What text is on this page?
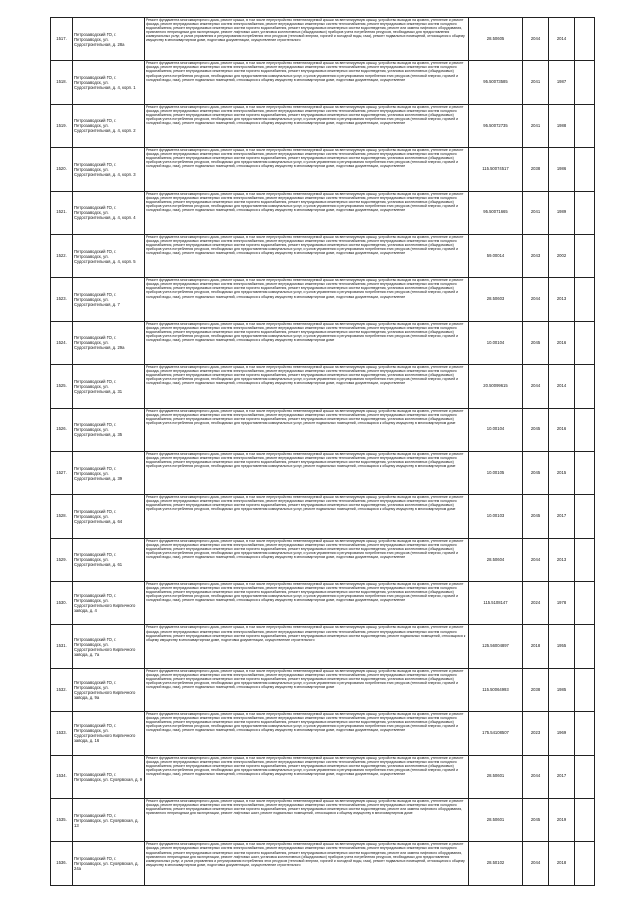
1517.	Петрозаводский ГО, г. Петрозаводск, ул. Судостроительная, д. 28а	Ремонт фундамента многоквартирного дома, ремонт крыши, в том числе переустройство невентилируемой крыши на вентилируемую крышу, устройство выходов на кровлю, утепление и ремонт фасада, ремонт внутридомовых инженерных систем электроснабжения, ремонт внутридомовых инженерных систем теплоснабжения, ремонт внутридомовых инженерных систем холодного водоснабжения, ремонт внутридомовых инженерных систем горячего водоснабжения, ремонт внутридомовых инженерных систем водоотведения, ремонт или замена лифтового оборудования, признанного непригодным для эксплуатации, ремонт лифтовых шахт, установка коллективных (общедомовых) приборов учета потребления ресурсов, необходимых для предоставления коммунальных услуг, и узлов управления и регулирования потребления этих ресурсов (тепловой энергии, горячей и холодной воды, газа), ремонт подвальных помещений, относящихся к общему имуществу в многоквартирном доме, подготовка документации, осуществление строительного	28.50605	2044	2014	
1518.	Петрозаводский ГО, г. Петрозаводск, ул. Судостроительная, д. 4, корп. 1	Ремонт фундамента многоквартирного дома, ремонт крыши, в том числе переустройство невентилируемой крыши на вентилируемую крышу, устройство выходов на кровлю, утепление и ремонт фасада, ремонт внутридомовых инженерных систем электроснабжения, ремонт внутридомовых инженерных систем теплоснабжения, ремонт внутридомовых инженерных систем холодного водоснабжения, ремонт внутридомовых инженерных систем горячего водоснабжения, ремонт внутридомовых инженерных систем водоотведения, установка коллективных (общедомовых) приборов учета потребления ресурсов, необходимых для предоставления коммунальных услуг, и узлов управления и регулирования потребления этих ресурсов (тепловой энергии, горячей и холодной воды, газа), ремонт подвальных помещений, относящихся к общему имуществу в многоквартирном доме, подготовка документации, осуществление	95.50073585	2041	1987	
1519.	Петрозаводский ГО, г. Петрозаводск, ул. Судостроительная, д. 4, корп. 2	Ремонт фундамента многоквартирного дома, ремонт крыши, в том числе переустройство невентилируемой крыши на вентилируемую крышу, устройство выходов на кровлю, утепление и ремонт фасада, ремонт внутридомовых инженерных систем электроснабжения, ремонт внутридомовых инженерных систем теплоснабжения, ремонт внутридомовых инженерных систем холодного водоснабжения, ремонт внутридомовых инженерных систем горячего водоснабжения, ремонт внутридомовых инженерных систем водоотведения, установка коллективных (общедомовых) приборов учета потребления ресурсов, необходимых для предоставления коммунальных услуг, и узлов управления и регулирования потребления этих ресурсов (тепловой энергии, горячей и холодной воды, газа), ремонт подвальных помещений, относящихся к общему имуществу в многоквартирном доме, подготовка документации, осуществление	95.50072735	2041	1988	
1520.	Петрозаводский ГО, г. Петрозаводск, ул. Судостроительная, д. 4, корп. 3	Ремонт фундамента многоквартирного дома, ремонт крыши, в том числе переустройство невентилируемой крыши на вентилируемую крышу, устройство выходов на кровлю, утепление и ремонт фасада, ремонт внутридомовых инженерных систем электроснабжения, ремонт внутридомовых инженерных систем теплоснабжения, ремонт внутридомовых инженерных систем холодного водоснабжения, ремонт внутридомовых инженерных систем горячего водоснабжения, ремонт внутридомовых инженерных систем водоотведения, установка коллективных (общедомовых) приборов учета потребления ресурсов, необходимых для предоставления коммунальных услуг, и узлов управления и регулирования потребления этих ресурсов (тепловой энергии, горячей и холодной воды, газа), ремонт подвальных помещений, относящихся к общему имуществу в многоквартирном доме, подготовка документации, осуществление	115.50074517	2038	1986	
1521.	Петрозаводский ГО, г. Петрозаводск, ул. Судостроительная, д. 4, корп. 4	Ремонт фундамента многоквартирного дома, ремонт крыши, в том числе переустройство невентилируемой крыши на вентилируемую крышу, устройство выходов на кровлю, утепление и ремонт фасада, ремонт внутридомовых инженерных систем электроснабжения, ремонт внутридомовых инженерных систем теплоснабжения, ремонт внутридомовых инженерных систем холодного водоснабжения, ремонт внутридомовых инженерных систем горячего водоснабжения, ремонт внутридомовых инженерных систем водоотведения, установка коллективных (общедомовых) приборов учета потребления ресурсов, необходимых для предоставления коммунальных услуг, и узлов управления и регулирования потребления этих ресурсов (тепловой энергии, горячей и холодной воды, газа), ремонт подвальных помещений, относящихся к общему имуществу в многоквартирном доме, подготовка документации, осуществление	95.50071665	2041	1989	
1522.	Петрозаводский ГО, г. Петрозаводск, ул. Судостроительная, д. 4, корп. 5	Ремонт фундамента многоквартирного дома, ремонт крыши, в том числе переустройство невентилируемой крыши на вентилируемую крышу, устройство выходов на кровлю, утепление и ремонт фасада, ремонт внутридомовых инженерных систем электроснабжения, ремонт внутридомовых инженерных систем теплоснабжения, ремонт внутридомовых инженерных систем холодного водоснабжения, ремонт внутридомовых инженерных систем горячего водоснабжения, ремонт внутридомовых инженерных систем водоотведения, установка коллективных (общедомовых) приборов учета потребления ресурсов, необходимых для предоставления коммунальных услуг, и узлов управления и регулирования потребления этих ресурсов (тепловой энергии, горячей и холодной воды, газа), ремонт подвальных помещений, относящихся к общему имуществу в многоквартирном доме, подготовка документации, осуществление	59.00014	2043	2002	
1523.	Петрозаводский ГО, г. Петрозаводск, ул. Судостроительная, д. 7	Ремонт фундамента многоквартирного дома, ремонт крыши, в том числе переустройство невентилируемой крыши на вентилируемую крышу, устройство выходов на кровлю, утепление и ремонт фасада, ремонт внутридомовых инженерных систем электроснабжения, ремонт внутридомовых инженерных систем теплоснабжения, ремонт внутридомовых инженерных систем холодного водоснабжения, ремонт внутридомовых инженерных систем горячего водоснабжения, ремонт внутридомовых инженерных систем водоотведения, установка коллективных (общедомовых) приборов учета потребления ресурсов, необходимых для предоставления коммунальных услуг, и узлов управления и регулирования потребления этих ресурсов (тепловой энергии, горячей и холодной воды, газа), ремонт подвальных помещений, относящихся к общему имуществу в многоквартирном доме, подготовка документации, осуществление	28.50603	2044	2013	
1524.	Петрозаводский ГО, г. Петрозаводск, ул. Судостроительная, д. 29а	Ремонт фундамента многоквартирного дома, ремонт крыши, в том числе переустройство невентилируемой крыши на вентилируемую крышу, устройство выходов на кровлю, утепление и ремонт фасада, ремонт внутридомовых инженерных систем электроснабжения, ремонт внутридомовых инженерных систем теплоснабжения, ремонт внутридомовых инженерных систем холодного водоснабжения, ремонт внутридомовых инженерных систем горячего водоснабжения, ремонт внутридомовых инженерных систем водоотведения, установка коллективных (общедомовых) приборов учета потребления ресурсов, необходимых для предоставления коммунальных услуг, и узлов управления и регулирования потребления этих ресурсов (тепловой энергии, горячей и холодной воды, газа), ремонт подвальных помещений, относящихся к общему имуществу в многоквартирном доме	10.00104	2045	2016	
1525.	Петрозаводский ГО, г. Петрозаводск, ул. Судостроительная, д. 31	Ремонт фундамента многоквартирного дома, ремонт крыши, в том числе переустройство невентилируемой крыши на вентилируемую крышу, устройство выходов на кровлю, утепление и ремонт фасада, ремонт внутридомовых инженерных систем электроснабжения, ремонт внутридомовых инженерных систем теплоснабжения, ремонт внутридомовых инженерных систем холодного водоснабжения, ремонт внутридомовых инженерных систем горячего водоснабжения, ремонт внутридомовых инженерных систем водоотведения, установка коллективных (общедомовых) приборов учета потребления ресурсов, необходимых для предоставления коммунальных услуг, и узлов управления и регулирования потребления этих ресурсов (тепловой энергии, горячей и холодной воды, газа), ремонт подвальных помещений, относящихся к общему имуществу в многоквартирном доме, подготовка документации, осуществление	20.50099615	2044	2014	
1526.	Петрозаводский ГО, г. Петрозаводск, ул. Судостроительная, д. 35	Ремонт фундамента многоквартирного дома, ремонт крыши, в том числе переустройство невентилируемой крыши на вентилируемую крышу, устройство выходов на кровлю, утепление и ремонт фасада, ремонт внутридомовых инженерных систем электроснабжения, ремонт внутридомовых инженерных систем теплоснабжения, ремонт внутридомовых инженерных систем холодного водоснабжения, ремонт внутридомовых инженерных систем горячего водоснабжения, ремонт внутридомовых инженерных систем водоотведения, установка коллективных (общедомовых) приборов учета потребления ресурсов, необходимых для предоставления коммунальных услуг, ремонт подвальных помещений, относящихся к общему имуществу в многоквартирном доме	10.00104	2045	2016	
1527.	Петрозаводский ГО, г. Петрозаводск, ул. Судостроительная, д. 39	Ремонт фундамента многоквартирного дома, ремонт крыши, в том числе переустройство невентилируемой крыши на вентилируемую крышу, устройство выходов на кровлю, утепление и ремонт фасада, ремонт внутридомовых инженерных систем электроснабжения, ремонт внутридомовых инженерных систем теплоснабжения, ремонт внутридомовых инженерных систем холодного водоснабжения, ремонт внутридомовых инженерных систем горячего водоснабжения, ремонт внутридомовых инженерных систем водоотведения, установка коллективных (общедомовых) приборов учета потребления ресурсов, необходимых для предоставления коммунальных услуг, ремонт подвальных помещений, относящихся к общему имуществу в многоквартирном доме	10.00105	2045	2015	
1528.	Петрозаводский ГО, г. Петрозаводск, ул. Судостроительная, д. 64	Ремонт фундамента многоквартирного дома, ремонт крыши, в том числе переустройство невентилируемой крыши на вентилируемую крышу, устройство выходов на кровлю, утепление и ремонт фасада, ремонт внутридомовых инженерных систем электроснабжения, ремонт внутридомовых инженерных систем теплоснабжения, ремонт внутридомовых инженерных систем холодного водоснабжения, ремонт внутридомовых инженерных систем горячего водоснабжения, ремонт внутридомовых инженерных систем водоотведения, установка коллективных (общедомовых) приборов учета потребления ресурсов, необходимых для предоставления коммунальных услуг, ремонт подвальных помещений, относящихся к общему имуществу в многоквартирном доме	10.00103	2045	2017	
1529.	Петрозаводский ГО, г. Петрозаводск, ул. Судостроительная, д. 61	Ремонт фундамента многоквартирного дома, ремонт крыши, в том числе переустройство невентилируемой крыши на вентилируемую крышу, устройство выходов на кровлю, утепление и ремонт фасада, ремонт внутридомовых инженерных систем электроснабжения, ремонт внутридомовых инженерных систем теплоснабжения, ремонт внутридомовых инженерных систем холодного водоснабжения, ремонт внутридомовых инженерных систем горячего водоснабжения, ремонт внутридомовых инженерных систем водоотведения, установка коллективных (общедомовых) приборов учета потребления ресурсов, необходимых для предоставления коммунальных услуг, и узлов управления и регулирования потребления этих ресурсов (тепловой энергии, горячей и холодной воды, газа), ремонт подвальных помещений, относящихся к общему имуществу в многоквартирном доме, подготовка документации, осуществление	28.50604	2044	2013	
1530.	Петрозаводский ГО, г. Петрозаводск, ул. Судостроительного Кирпичного завода, д. 4	Ремонт фундамента многоквартирного дома, ремонт крыши, в том числе переустройство невентилируемой крыши на вентилируемую крышу, устройство выходов на кровлю, утепление и ремонт фасада, ремонт внутридомовых инженерных систем электроснабжения, ремонт внутридомовых инженерных систем теплоснабжения, ремонт внутридомовых инженерных систем холодного водоснабжения, ремонт внутридомовых инженерных систем горячего водоснабжения, ремонт внутридомовых инженерных систем водоотведения, установка коллективных (общедомовых) приборов учета потребления ресурсов, необходимых для предоставления коммунальных услуг, и узлов управления и регулирования потребления этих ресурсов (тепловой энергии, горячей и холодной воды, газа), ремонт подвальных помещений, относящихся к общему имуществу в многоквартирном доме, подготовка документации, осуществление	115.5108147	2024	1978	
1531.	Петрозаводский ГО, г. Петрозаводск, ул. Судостроительного Кирпичного завода, д. 7а	Ремонт фундамента многоквартирного дома, ремонт крыши, в том числе переустройство невентилируемой крыши на вентилируемую крышу, устройство выходов на кровлю, утепление и ремонт фасада, ремонт внутридомовых инженерных систем электроснабжения, ремонт внутридомовых инженерных систем теплоснабжения, ремонт внутридомовых инженерных систем холодного водоснабжения, ремонт внутридомовых инженерных систем горячего водоснабжения, ремонт внутридомовых инженерных систем водоотведения, ремонт подвальных помещений, относящихся к общему имуществу в многоквартирном доме, подготовка документации, осуществление строительного	125.56004897	2018	1955	
1532.	Петрозаводский ГО, г. Петрозаводск, ул. Судостроительного Кирпичного завода, д. 9а	Ремонт фундамента многоквартирного дома, ремонт крыши, в том числе переустройство невентилируемой крыши на вентилируемую крышу, устройство выходов на кровлю, утепление и ремонт фасада, ремонт внутридомовых инженерных систем электроснабжения, ремонт внутридомовых инженерных систем теплоснабжения, ремонт внутридомовых инженерных систем холодного водоснабжения, ремонт внутридомовых инженерных систем горячего водоснабжения, ремонт внутридомовых инженерных систем водоотведения, установка коллективных (общедомовых) приборов учета потребления ресурсов, необходимых для предоставления коммунальных услуг, и узлов управления и регулирования потребления этих ресурсов (тепловой энергии, горячей и холодной воды, газа), ремонт подвальных помещений, относящихся к общему имуществу в многоквартирном доме	115.50064993	2038	1985	
1533.	Петрозаводский ГО, г. Петрозаводск, ул. Судостроительного Кирпичного завода, д. 16	Ремонт фундамента многоквартирного дома, ремонт крыши, в том числе переустройство невентилируемой крыши на вентилируемую крышу, устройство выходов на кровлю, утепление и ремонт фасада, ремонт внутридомовых инженерных систем электроснабжения, ремонт внутридомовых инженерных систем теплоснабжения, ремонт внутридомовых инженерных систем холодного водоснабжения, ремонт внутридомовых инженерных систем горячего водоснабжения, ремонт внутридомовых инженерных систем водоотведения, установка коллективных (общедомовых) приборов учета потребления ресурсов, необходимых для предоставления коммунальных услуг, и узлов управления и регулирования потребления этих ресурсов (тепловой энергии, горячей и холодной воды, газа), ремонт подвальных помещений, относящихся к общему имуществу в многоквартирном доме, подготовка документации, осуществление	175.54108507	2023	1969	
1534.	Петрозаводский ГО, г. Петрозаводск, ул. Суоярвская, д. 9	Ремонт фундамента многоквартирного дома, ремонт крыши, в том числе переустройство невентилируемой крыши на вентилируемую крышу, устройство выходов на кровлю, утепление и ремонт фасада, ремонт внутридомовых инженерных систем электроснабжения, ремонт внутридомовых инженерных систем теплоснабжения, ремонт внутридомовых инженерных систем холодного водоснабжения, ремонт внутридомовых инженерных систем горячего водоснабжения, ремонт внутридомовых инженерных систем водоотведения, установка коллективных (общедомовых) приборов учета потребления ресурсов, необходимых для предоставления коммунальных услуг, и узлов управления и регулирования потребления этих ресурсов (тепловой энергии, горячей и холодной воды, газа), ремонт подвальных помещений, относящихся к общему имуществу в многоквартирном доме, подготовка документации, осуществление	28.50601	2044	2017	
1535.	Петрозаводский ГО, г. Петрозаводск, ул. Суоярвская, д. 13	Ремонт фундамента многоквартирного дома, ремонт крыши, в том числе переустройство невентилируемой крыши на вентилируемую крышу, устройство выходов на кровлю, утепление и ремонт фасада, ремонт внутридомовых инженерных систем электроснабжения, ремонт внутридомовых инженерных систем теплоснабжения, ремонт внутридомовых инженерных систем холодного водоснабжения, ремонт внутридомовых инженерных систем горячего водоснабжения, ремонт внутридомовых инженерных систем водоотведения, ремонт или замена лифтового оборудования, признанного непригодным для эксплуатации, ремонт лифтовых шахт, ремонт подвальных помещений, относящихся к общему имуществу в многоквартирном доме	28.50601	2045	2019	
1536.	Петрозаводский ГО, г. Петрозаводск, ул. Суоярвская, д. 24а	Ремонт фундамента многоквартирного дома, ремонт крыши, в том числе переустройство невентилируемой крыши на вентилируемую крышу, устройство выходов на кровлю, утепление и ремонт фасада, ремонт внутридомовых инженерных систем электроснабжения, ремонт внутридомовых инженерных систем теплоснабжения, ремонт внутридомовых инженерных систем холодного водоснабжения, ремонт внутридомовых инженерных систем горячего водоснабжения, ремонт внутридомовых инженерных систем водоотведения, ремонт или замена лифтового оборудования, признанного непригодным для эксплуатации, ремонт лифтовых шахт, установка коллективных (общедомовых) приборов учета потребления ресурсов, необходимых для предоставления коммунальных услуг, и узлов управления и регулирования потребления этих ресурсов (тепловой энергии, горячей и холодной воды, газа), ремонт подвальных помещений, относящихся к общему имуществу в многоквартирном доме, подготовка документации, осуществление строительного	28.50102	2044	2018	
